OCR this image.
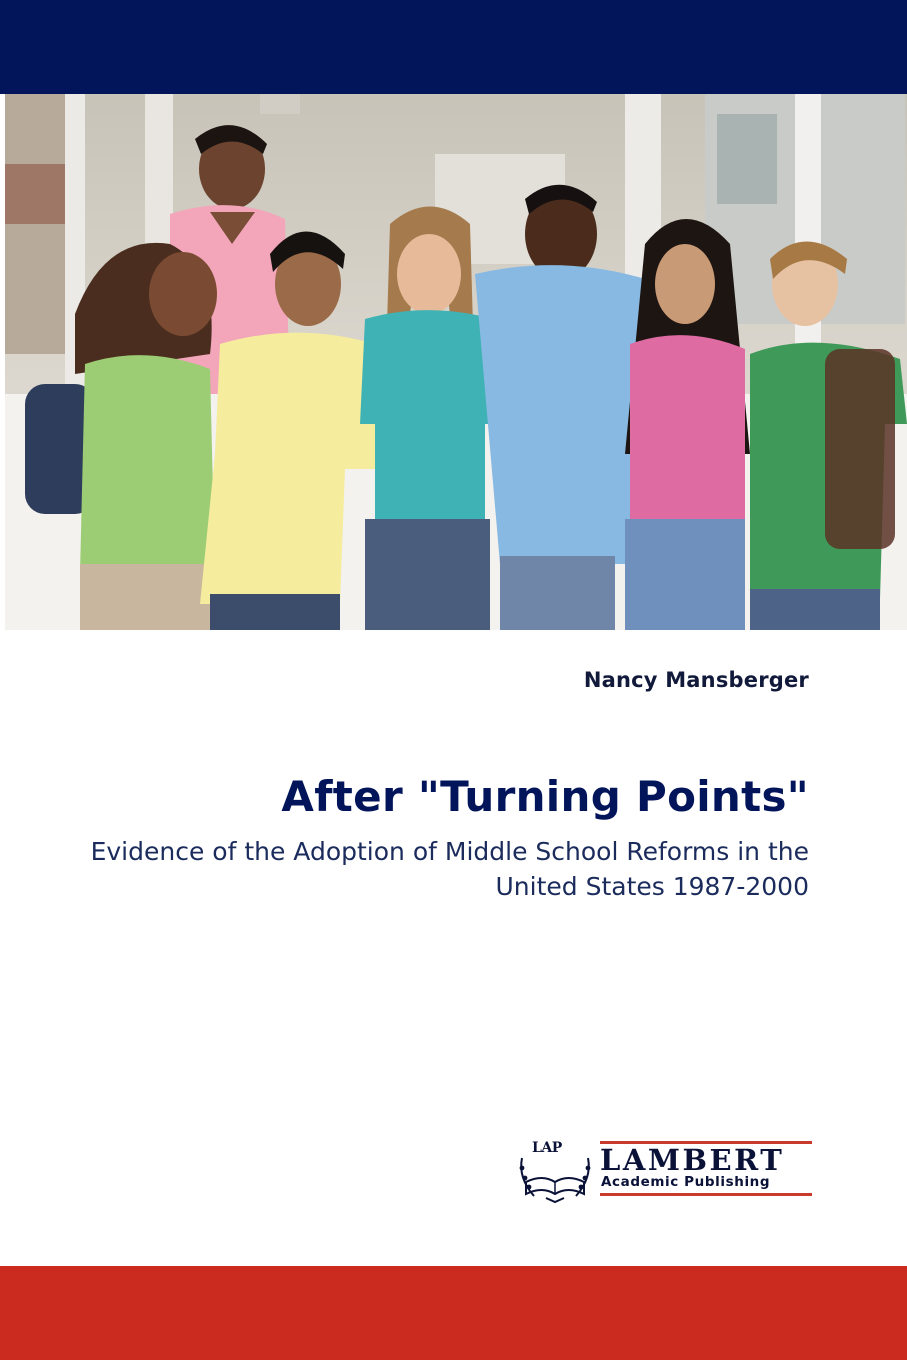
Nancy Mansberger
After "Turning Points"
Evidence of the Adoption of Middle School Reforms in the United States 1987-2000
LAP LAMBERT
Academic Publishing
